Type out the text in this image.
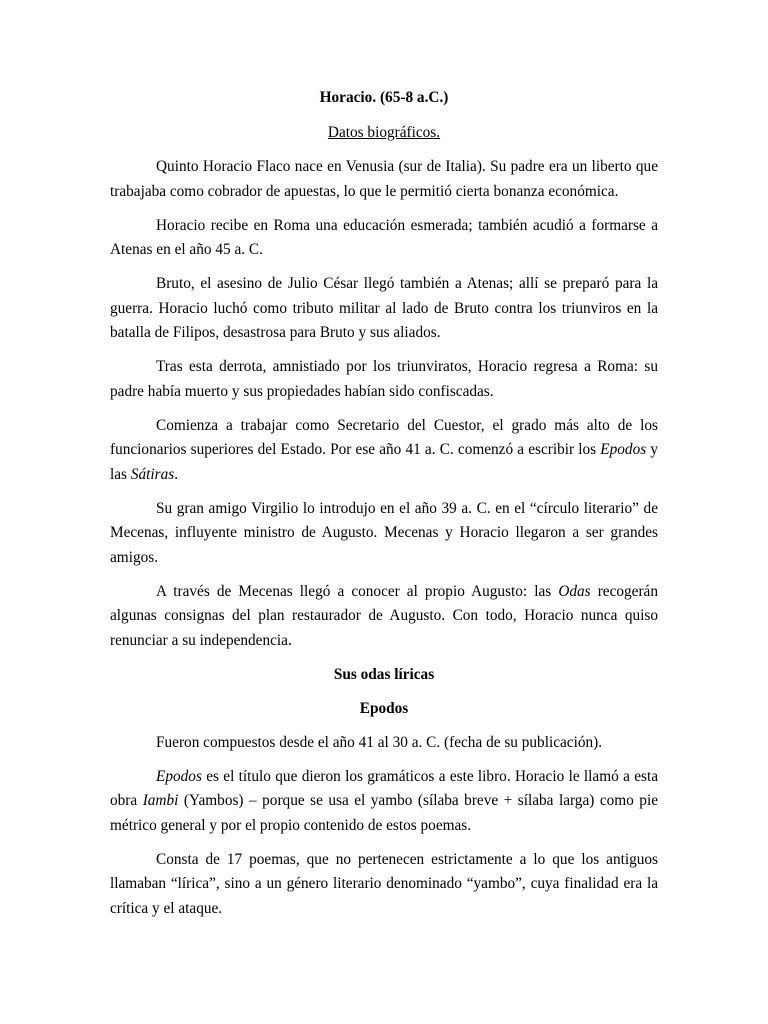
Horacio. (65-8 a.C.)
Datos biográficos.

Quinto Horacio Flaco nace en Venusia (sur de Italia). Su padre era un liberto que trabajaba como cobrador de apuestas, lo que le permitió cierta bonanza económica.

Horacio recibe en Roma una educación esmerada; también acudió a formarse a Atenas en el año 45 a. C.

Bruto, el asesino de Julio César llegó también a Atenas; allí se preparó para la guerra. Horacio luchó como tributo militar al lado de Bruto contra los triunviros en la batalla de Filipos, desastrosa para Bruto y sus aliados.

Tras esta derrota, amnistiado por los triunviratos, Horacio regresa a Roma: su padre había muerto y sus propiedades habían sido confiscadas.

Comienza a trabajar como Secretario del Cuestor, el grado más alto de los funcionarios superiores del Estado. Por ese año 41 a. C. comenzó a escribir los Epodos y las Sátiras.

Su gran amigo Virgilio lo introdujo en el año 39 a. C. en el “círculo literario” de Mecenas, influyente ministro de Augusto. Mecenas y Horacio llegaron a ser grandes amigos.

A través de Mecenas llegó a conocer al propio Augusto: las Odas recogerán algunas consignas del plan restaurador de Augusto. Con todo, Horacio nunca quiso renunciar a su independencia.

Sus odas líricas
Epodos

Fueron compuestos desde el año 41 al 30 a. C. (fecha de su publicación).

Epodos es el título que dieron los gramáticos a este libro. Horacio le llamó a esta obra Iambi (Yambos) – porque se usa el yambo (sílaba breve + sílaba larga) como pie métrico general y por el propio contenido de estos poemas.

Consta de 17 poemas, que no pertenecen estrictamente a lo que los antiguos llamaban “lírica”, sino a un género literario denominado “yambo”, cuya finalidad era la crítica y el ataque.
